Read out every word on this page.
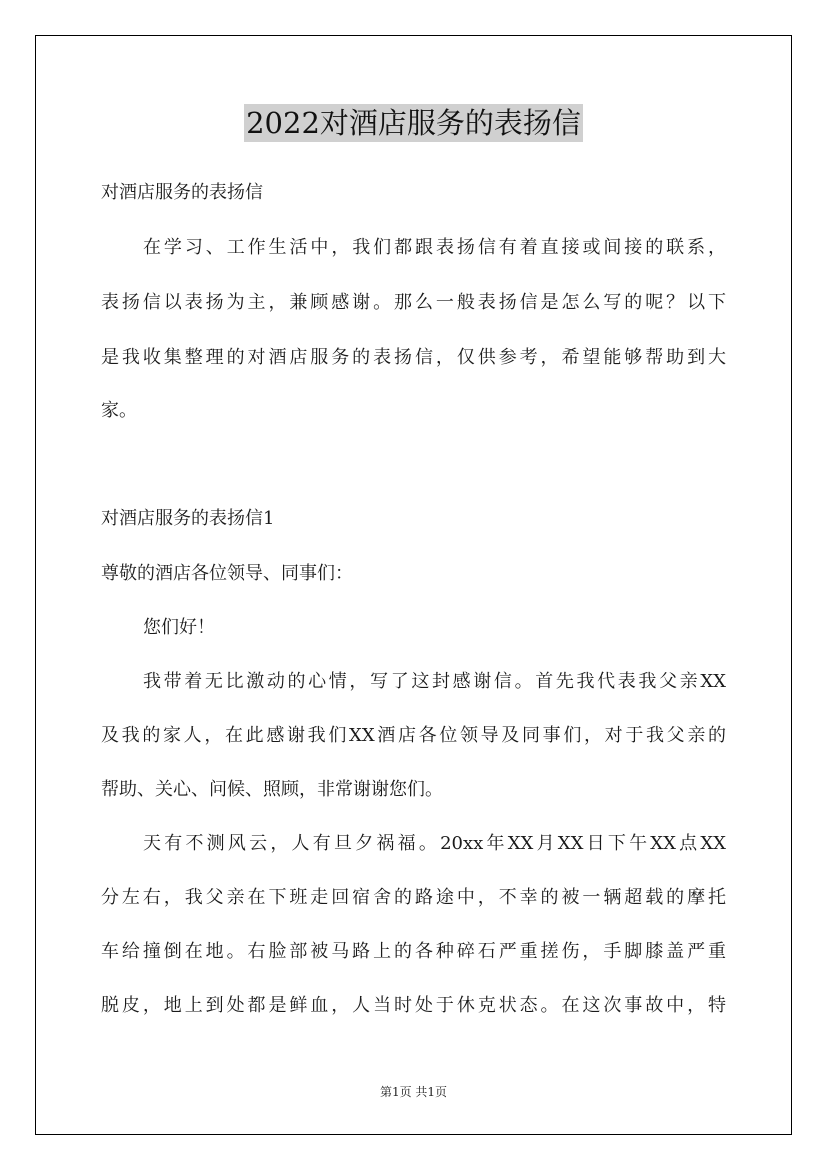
2022对酒店服务的表扬信
对酒店服务的表扬信
在学习、工作生活中，我们都跟表扬信有着直接或间接的联系，
表扬信以表扬为主，兼顾感谢。那么一般表扬信是怎么写的呢？以下
是我收集整理的对酒店服务的表扬信，仅供参考，希望能够帮助到大
家。
对酒店服务的表扬信1
尊敬的酒店各位领导、同事们：
您们好！
我带着无比激动的心情，写了这封感谢信。首先我代表我父亲XX
及我的家人，在此感谢我们XX酒店各位领导及同事们，对于我父亲的
帮助、关心、问候、照顾，非常谢谢您们。
天有不测风云，人有旦夕祸福。20xx年XX月XX日下午XX点XX
分左右，我父亲在下班走回宿舍的路途中，不幸的被一辆超载的摩托
车给撞倒在地。右脸部被马路上的各种碎石严重搓伤，手脚膝盖严重
脱皮，地上到处都是鲜血，人当时处于休克状态。在这次事故中，特
第1页 共1页
